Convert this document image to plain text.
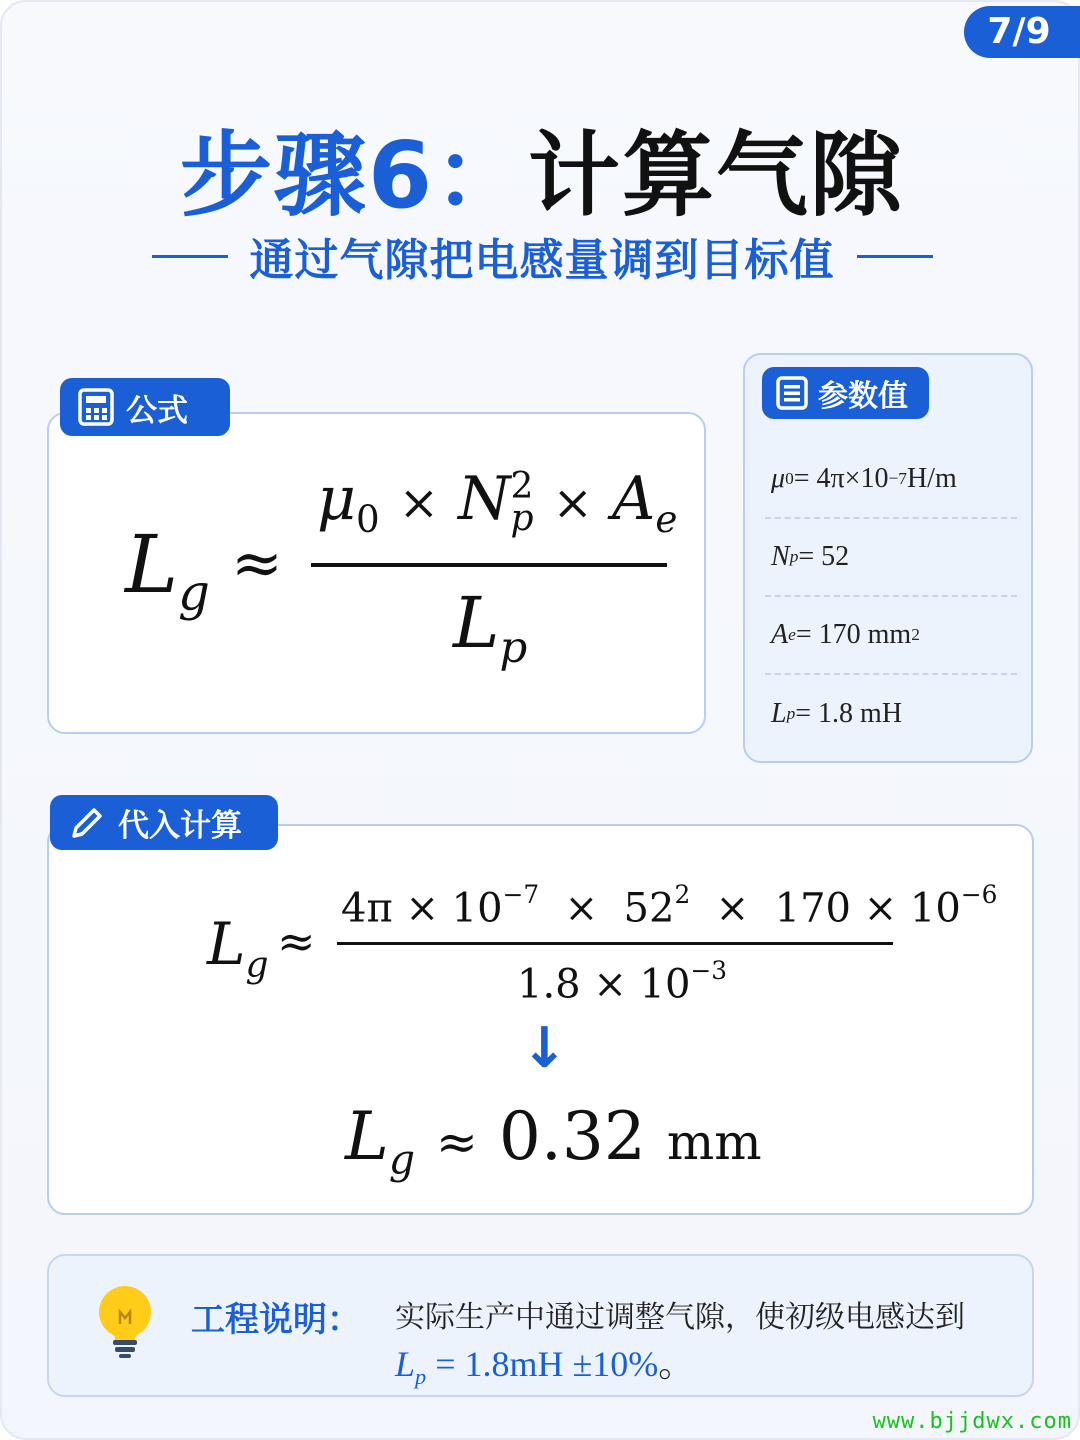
7/9
步骤6：计算气隙
通过气隙把电感量调到目标值
$L_g$ ≈
$\mu_0 \times N$ 2
$p \times A_e$
$L_p$
公式
μ 0 = 4π×10 −7 H/m
N p = 52
A e = 170 mm 2
L p = 1.8 mH
参数值
$L_g$ ≈
$4\pi \times 10^{-7} \times 52^2 \times 170 \times 10^{-6}$
$1.8 \times 10^{-3}$
↓
$L_g \approx 0.32$ mm
代入计算
工程说明： 实际生产中通过调整气隙，使初级电感达到
$L_p = 1.8mH \pm 10\%$。
www.bjjdwx.com
